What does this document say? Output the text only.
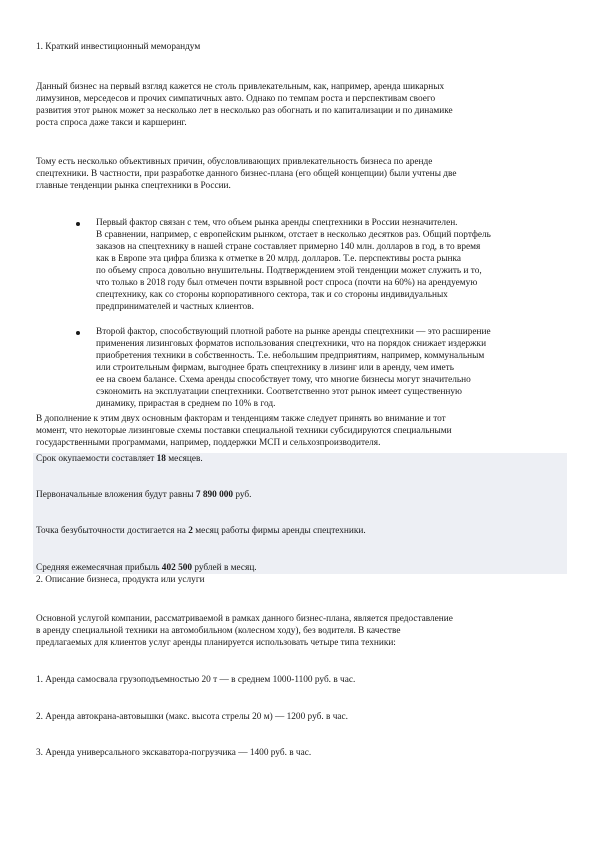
1. Краткий инвестиционный меморандум

Данный бизнес на первый взгляд кажется не столь привлекательным, как, например, аренда шикарных
лимузинов, мерседесов и прочих симпатичных авто. Однако по темпам роста и перспективам своего
развития этот рынок может за несколько лет в несколько раз обогнать и по капитализации и по динамике
роста спроса даже такси и каршеринг.
Тому есть несколько объективных причин, обусловливающих привлекательность бизнеса по аренде
спецтехники. В частности, при разработке данного бизнес-плана (его общей концепции) были учтены две
главные тенденции рынка спецтехники в России.
Первый фактор связан с тем, что объем рынка аренды спецтехники в России незначителен.
В сравнении, например, с европейским рынком, отстает в несколько десятков раз. Общий портфель
заказов на спецтехнику в нашей стране составляет примерно 140 млн. долларов в год, в то время
как в Европе эта цифра близка к отметке в 20 млрд. долларов. Т.е. перспективы роста рынка
по объему спроса довольно внушительны. Подтверждением этой тенденции может служить и то,
что только в 2018 году был отмечен почти взрывной рост спроса (почти на 60%) на арендуемую
спецтехнику, как со стороны корпоративного сектора, так и со стороны индивидуальных
предпринимателей и частных клиентов.
Второй фактор, способствующий плотной работе на рынке аренды спецтехники — это расширение
применения лизинговых форматов использования спецтехники, что на порядок снижает издержки
приобретения техники в собственность. Т.е. небольшим предприятиям, например, коммунальным
или строительным фирмам, выгоднее брать спецтехнику в лизинг или в аренду, чем иметь
ее на своем балансе. Схема аренды способствует тому, что многие бизнесы могут значительно
сэкономить на эксплуатации спецтехники. Соответственно этот рынок имеет существенную
динамику, прирастая в среднем по 10% в год.
В дополнение к этим двух основным факторам и тенденциям также следует принять во внимание и тот
момент, что некоторые лизинговые схемы поставки специальной техники субсидируются специальными
государственными программами, например, поддержки МСП и сельхозпроизводителя.

Срок окупаемости составляет 18 месяцев.

Первоначальные вложения будут равны 7 890 000 руб.

Точка безубыточности достигается на 2 месяц работы фирмы аренды спецтехники.

Средняя ежемесячная прибыль 402 500 рублей в месяц.

2. Описание бизнеса, продукта или услуги

Основной услугой компании, рассматриваемой в рамках данного бизнес-плана, является предоставление
в аренду специальной техники на автомобильном (колесном ходу), без водителя. В качестве
предлагаемых для клиентов услуг аренды планируется использовать четыре типа техники:

1. Аренда самосвала грузоподъемностью 20 т — в среднем 1000-1100 руб. в час.

2. Аренда автокрана-автовышки (макс. высота стрелы 20 м) — 1200 руб. в час.

3. Аренда универсального экскаватора-погрузчика — 1400 руб. в час.
